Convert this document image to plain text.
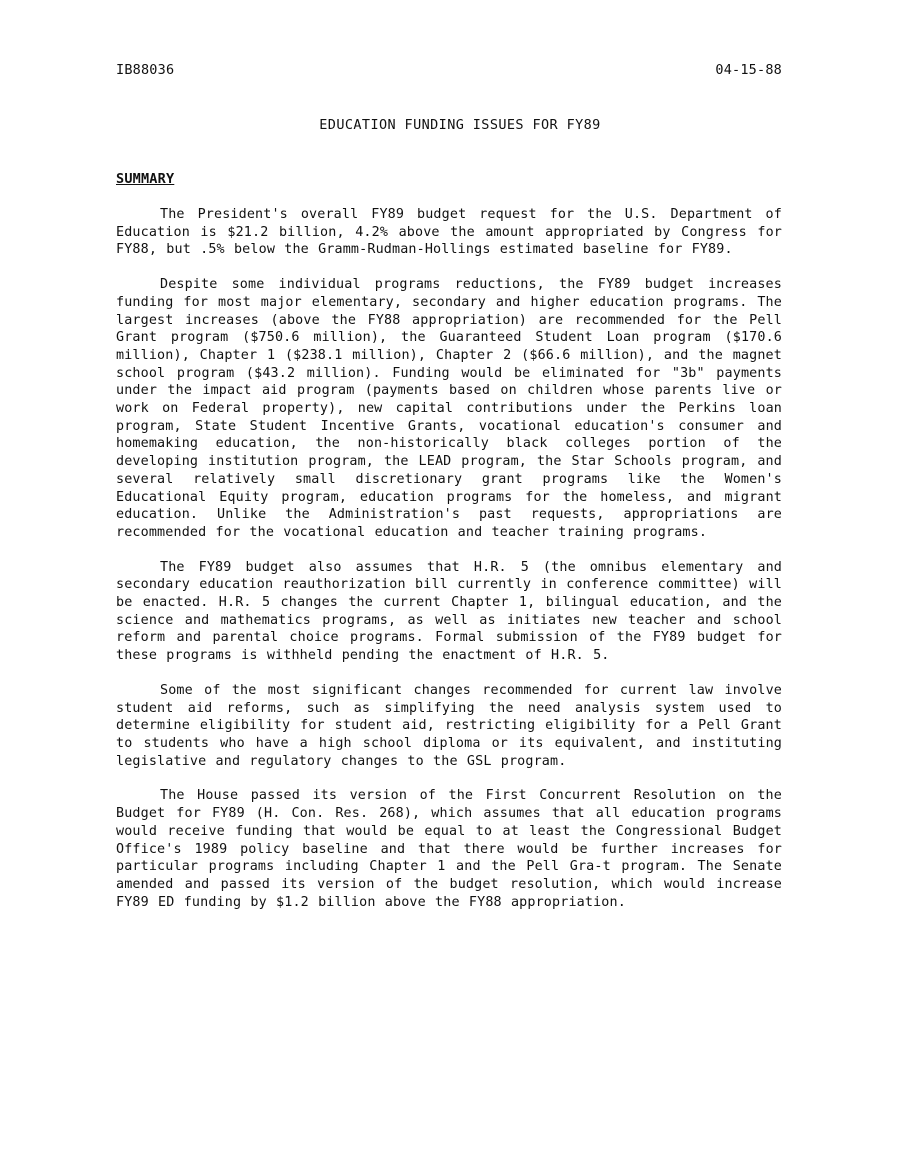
IB88036	04-15-88
EDUCATION FUNDING ISSUES FOR FY89
SUMMARY

The President's overall FY89 budget request for the U.S. Department of Education is $21.2 billion, 4.2% above the amount appropriated by Congress for FY88, but .5% below the Gramm-Rudman-Hollings estimated baseline for FY89.

Despite some individual programs reductions, the FY89 budget increases funding for most major elementary, secondary and higher education programs. The largest increases (above the FY88 appropriation) are recommended for the Pell Grant program ($750.6 million), the Guaranteed Student Loan program ($170.6 million), Chapter 1 ($238.1 million), Chapter 2 ($66.6 million), and the magnet school program ($43.2 million). Funding would be eliminated for "3b" payments under the impact aid program (payments based on children whose parents live or work on Federal property), new capital contributions under the Perkins loan program, State Student Incentive Grants, vocational education's consumer and homemaking education, the non-historically black colleges portion of the developing institution program, the LEAD program, the Star Schools program, and several relatively small discretionary grant programs like the Women's Educational Equity program, education programs for the homeless, and migrant education. Unlike the Administration's past requests, appropriations are recommended for the vocational education and teacher training programs.

The FY89 budget also assumes that H.R. 5 (the omnibus elementary and secondary education reauthorization bill currently in conference committee) will be enacted. H.R. 5 changes the current Chapter 1, bilingual education, and the science and mathematics programs, as well as initiates new teacher and school reform and parental choice programs. Formal submission of the FY89 budget for these programs is withheld pending the enactment of H.R. 5.

Some of the most significant changes recommended for current law involve student aid reforms, such as simplifying the need analysis system used to determine eligibility for student aid, restricting eligibility for a Pell Grant to students who have a high school diploma or its equivalent, and instituting legislative and regulatory changes to the GSL program.

The House passed its version of the First Concurrent Resolution on the Budget for FY89 (H. Con. Res. 268), which assumes that all education programs would receive funding that would be equal to at least the Congressional Budget Office's 1989 policy baseline and that there would be further increases for particular programs including Chapter 1 and the Pell Gra‐t program. The Senate amended and passed its version of the budget resolution, which would increase FY89 ED funding by $1.2 billion above the FY88 appropriation.
